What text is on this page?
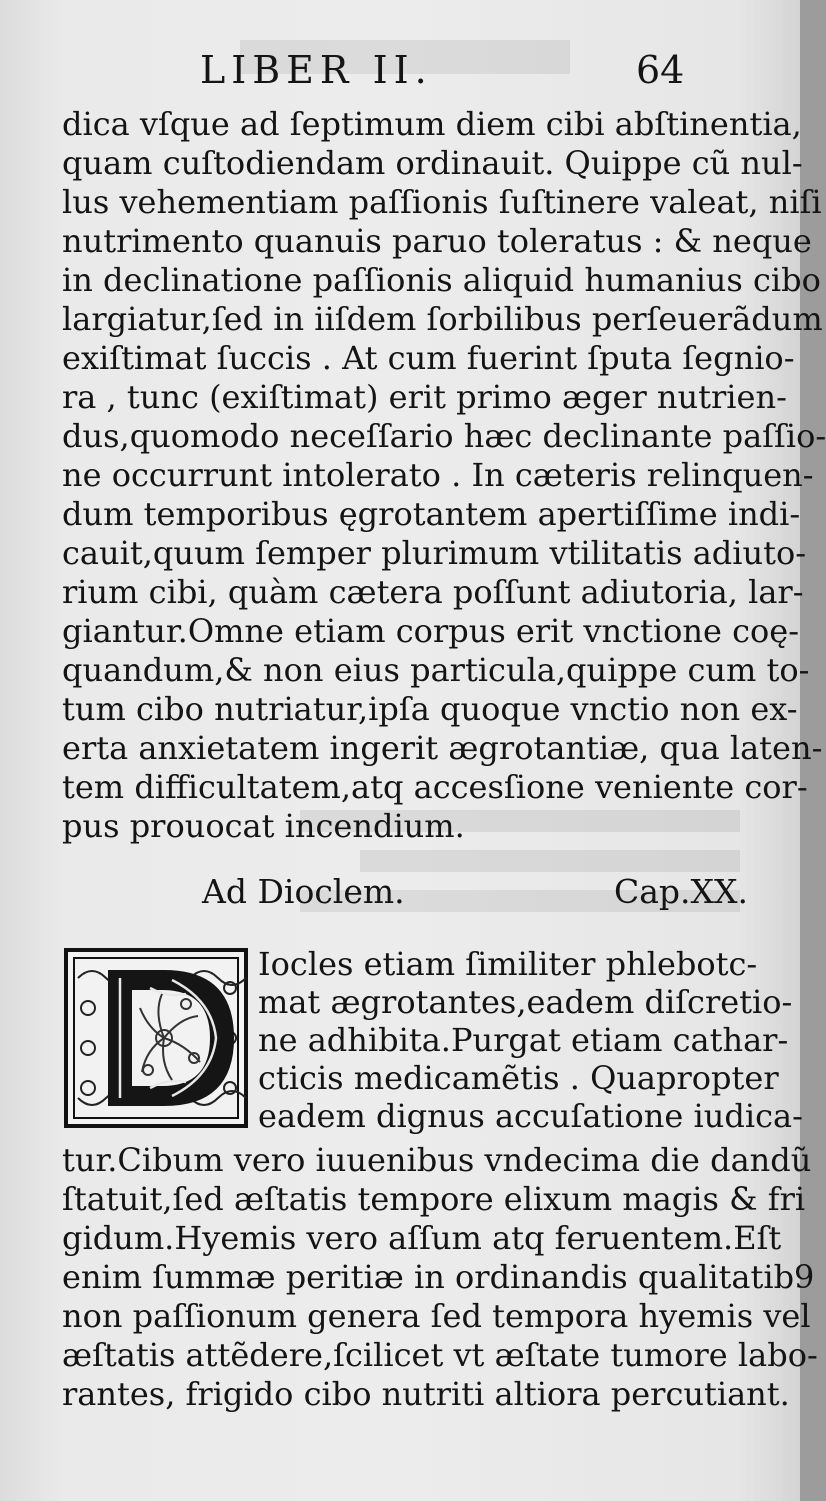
LIBER II.	64
dica vſque ad ſeptimum diem cibi abſtinentia,
quam cuſtodiendam ordinauit. Quippe cũ nul-
lus vehementiam paſſionis ſuſtinere valeat, niſi
nutrimento quanuis paruo toleratus : & neque
in declinatione paſſionis aliquid humanius cibo
largiatur,ſed in iiſdem ſorbilibus perſeuerãdum
exiſtimat ſuccis . At cum fuerint ſputa ſegnio-
ra , tunc (exiſtimat) erit primo æger nutrien-
dus,quomodo neceſſario hæc declinante paſſio-
ne occurrunt intolerato . In cæteris relinquen-
dum temporibus ęgrotantem apertiſſime indi-
cauit,quum ſemper plurimum vtilitatis adiuto-
rium cibi, quàm cætera poſſunt adiutoria, lar-
giantur.Omne etiam corpus erit vnctione coę-
quandum,& non eius particula,quippe cum to-
tum cibo nutriatur,ipſa quoque vnctio non ex-
erta anxietatem ingerit ægrotantiæ, qua laten-
tem difficultatem,atq accesſione veniente cor-
pus prouocat incendium.
Ad Dioclem.	Cap.XX.
Iocles etiam ſimiliter phlebotc-
mat ægrotantes,eadem diſcretio-
ne adhibita.Purgat etiam cathar-
cticis medicamẽtis . Quapropter
eadem dignus accuſatione iudica-
tur.Cibum vero iuuenibus vndecima die dandũ
ſtatuit,ſed æſtatis tempore elixum magis & fri
gidum.Hyemis vero aſſum atq feruentem.Eſt
enim ſummæ peritiæ in ordinandis qualitatib9
non paſſionum genera ſed tempora hyemis vel
æſtatis attẽdere,ſcilicet vt æſtate tumore labo-
rantes, frigido cibo nutriti altiora percutiant.
